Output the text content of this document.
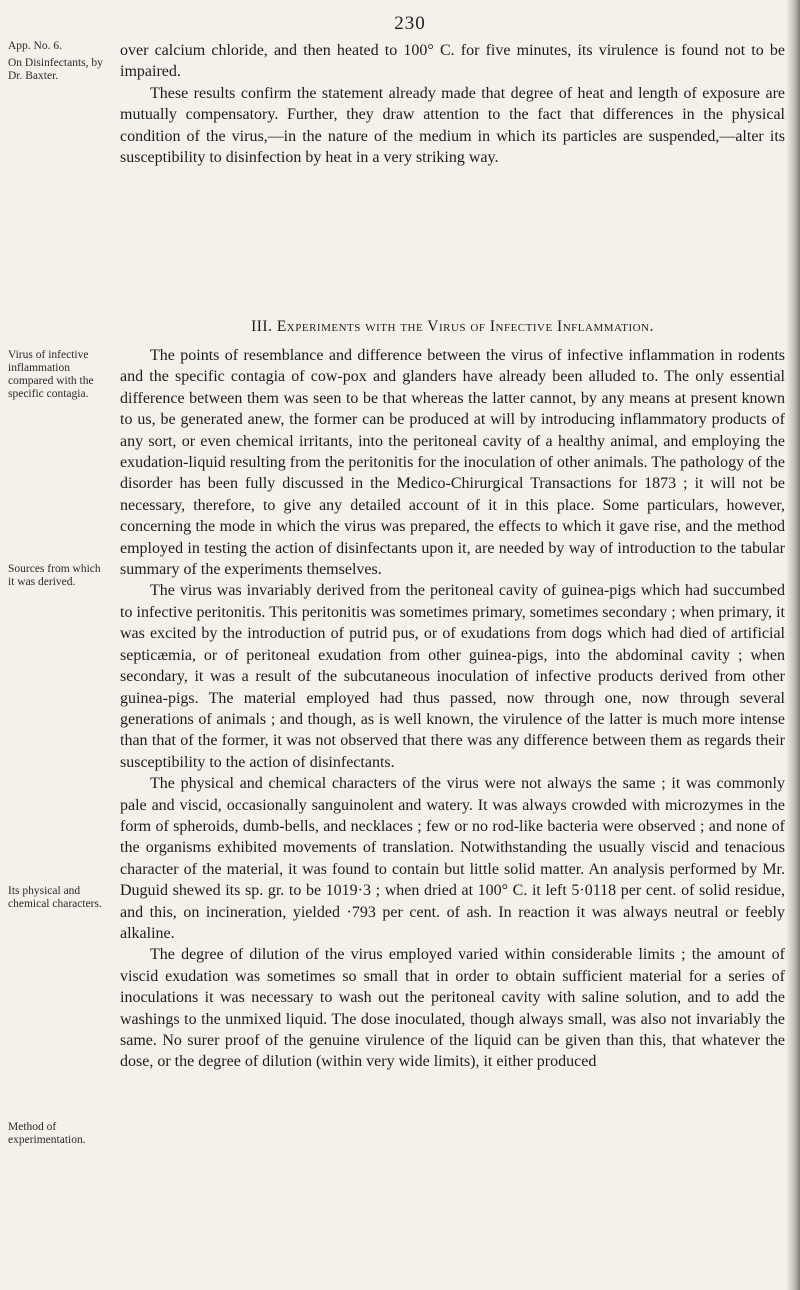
230
App. No. 6.
On Disinfectants, by Dr. Baxter.
Virus of infective inflammation compared with the specific contagia.
Sources from which it was derived.
Its physical and chemical characters.
Method of experimentation.

over calcium chloride, and then heated to 100° C. for five minutes, its virulence is found not to be impaired.

These results confirm the statement already made that degree of heat and length of exposure are mutually compensatory. Further, they draw attention to the fact that differences in the physical condition of the virus,—in the nature of the medium in which its particles are suspended,—alter its susceptibility to disinfection by heat in a very striking way.

III. Experiments with the Virus of Infective Inflammation.

The points of resemblance and difference between the virus of infective inflammation in rodents and the specific contagia of cow-pox and glanders have already been alluded to. The only essential difference between them was seen to be that whereas the latter cannot, by any means at present known to us, be generated anew, the former can be produced at will by introducing inflammatory products of any sort, or even chemical irritants, into the peritoneal cavity of a healthy animal, and employing the exudation-liquid resulting from the peritonitis for the inoculation of other animals. The pathology of the disorder has been fully discussed in the Medico-Chirurgical Transactions for 1873 ; it will not be necessary, therefore, to give any detailed account of it in this place. Some particulars, however, concerning the mode in which the virus was prepared, the effects to which it gave rise, and the method employed in testing the action of disinfectants upon it, are needed by way of introduction to the tabular summary of the experiments themselves.

The virus was invariably derived from the peritoneal cavity of guinea-pigs which had succumbed to infective peritonitis. This peritonitis was sometimes primary, sometimes secondary ; when primary, it was excited by the introduction of putrid pus, or of exudations from dogs which had died of artificial septicæmia, or of peritoneal exudation from other guinea-pigs, into the abdominal cavity ; when secondary, it was a result of the subcutaneous inoculation of infective products derived from other guinea-pigs. The material employed had thus passed, now through one, now through several generations of animals ; and though, as is well known, the virulence of the latter is much more intense than that of the former, it was not observed that there was any difference between them as regards their susceptibility to the action of disinfectants.

The physical and chemical characters of the virus were not always the same ; it was commonly pale and viscid, occasionally sanguinolent and watery. It was always crowded with microzymes in the form of spheroids, dumb-bells, and necklaces ; few or no rod-like bacteria were observed ; and none of the organisms exhibited movements of translation. Notwithstanding the usually viscid and tenacious character of the material, it was found to contain but little solid matter. An analysis performed by Mr. Duguid shewed its sp. gr. to be 1019·3 ; when dried at 100° C. it left 5·0118 per cent. of solid residue, and this, on incineration, yielded ·793 per cent. of ash. In reaction it was always neutral or feebly alkaline.

The degree of dilution of the virus employed varied within considerable limits ; the amount of viscid exudation was sometimes so small that in order to obtain sufficient material for a series of inoculations it was necessary to wash out the peritoneal cavity with saline solution, and to add the washings to the unmixed liquid. The dose inoculated, though always small, was also not invariably the same. No surer proof of the genuine virulence of the liquid can be given than this, that whatever the dose, or the degree of dilution (within very wide limits), it either produced
